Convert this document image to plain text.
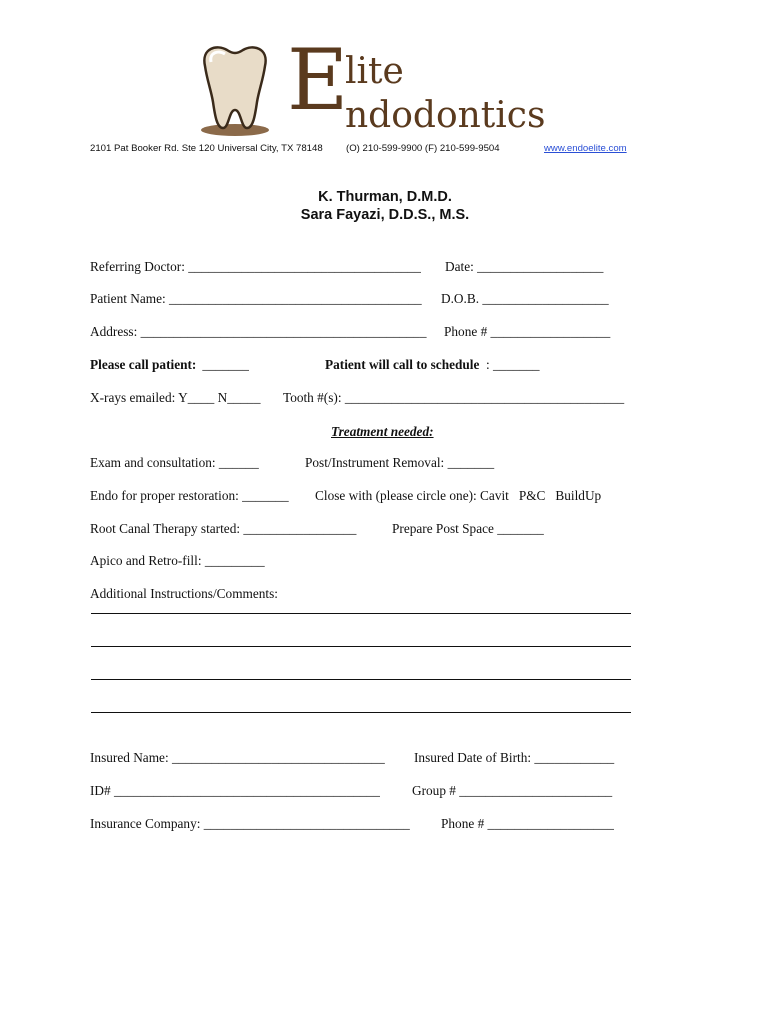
E

lite

ndodontics

2101 Pat Booker Rd. Ste 120 Universal City, TX 78148 (O) 210-599-9900 (F) 210-599-9504	www.endoelite.com
K. Thurman, D.M.D.
Sara Fayazi, D.D.S., M.S.
Referring Doctor: ___________________________________ Date: ___________________
Patient Name: ______________________________________ D.O.B. ___________________
Address: ___________________________________________ Phone # __________________
Please call patient: _______	Patient will call to schedule : _______
X-rays emailed: Y____ N_____ Tooth #(s): __________________________________________
Treatment needed:
Exam and consultation: ______	Post/Instrument Removal: _______
Endo for proper restoration: _______ Close with (please circle one): Cavit   P&C   BuildUp
Root Canal Therapy started: _________________	Prepare Post Space _______
Apico and Retro-fill: _________
Additional Instructions/Comments:
Insured Name: ________________________________ Insured Date of Birth: ____________
ID# ________________________________________ Group # _______________________
Insurance Company: _______________________________ Phone # ___________________
